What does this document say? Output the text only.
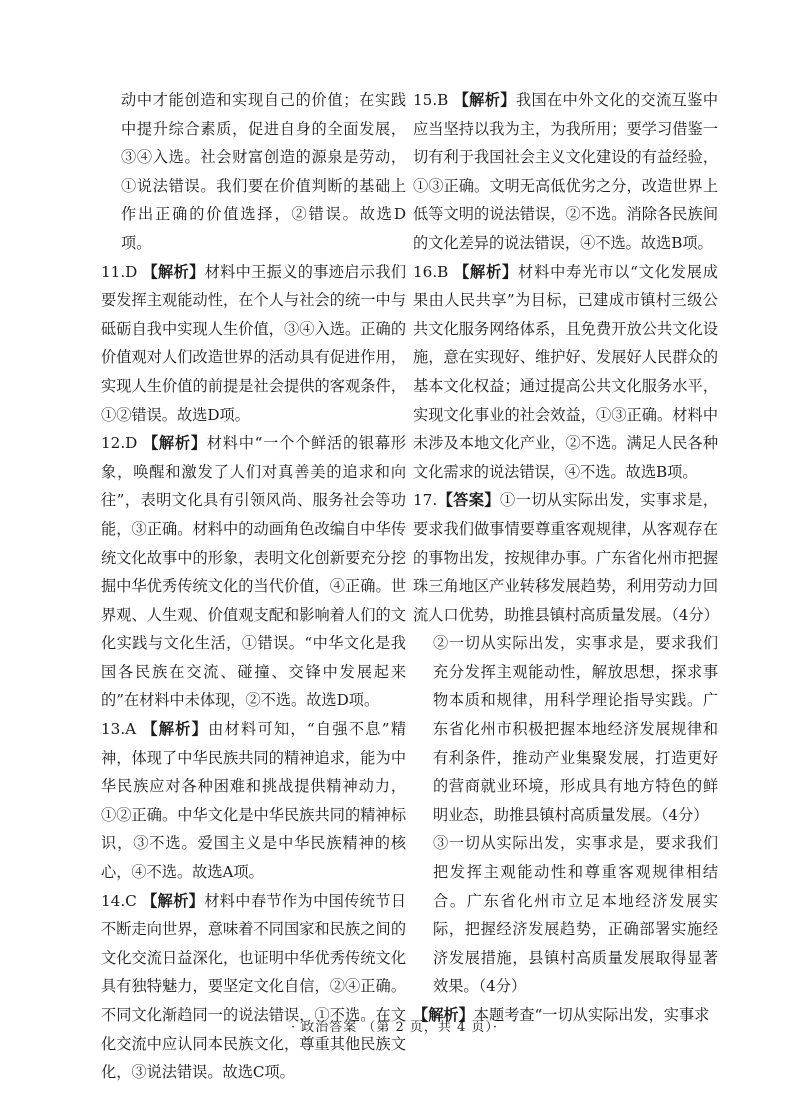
动中才能创造和实现自己的价值；在实践中提升综合素质，促进自身的全面发展，③④入选。社会财富创造的源泉是劳动，①说法错误。我们要在价值判断的基础上作出正确的价值选择，②错误。故选D项。

11.D 【解析】材料中王振义的事迹启示我们要发挥主观能动性，在个人与社会的统一中与砥砺自我中实现人生价值，③④入选。正确的价值观对人们改造世界的活动具有促进作用，实现人生价值的前提是社会提供的客观条件，①②错误。故选D项。

12.D 【解析】材料中“一个个鲜活的银幕形象，唤醒和激发了人们对真善美的追求和向往”，表明文化具有引领风尚、服务社会等功能，③正确。材料中的动画角色改编自中华传统文化故事中的形象，表明文化创新要充分挖掘中华优秀传统文化的当代价值，④正确。世界观、人生观、价值观支配和影响着人们的文化实践与文化生活，①错误。“中华文化是我国各民族在交流、碰撞、交锋中发展起来的”在材料中未体现，②不选。故选D项。

13.A 【解析】由材料可知，“自强不息”精神，体现了中华民族共同的精神追求，能为中华民族应对各种困难和挑战提供精神动力，①②正确。中华文化是中华民族共同的精神标识，③不选。爱国主义是中华民族精神的核心，④不选。故选A项。

14.C 【解析】材料中春节作为中国传统节日不断走向世界，意味着不同国家和民族之间的文化交流日益深化，也证明中华优秀传统文化具有独特魅力，要坚定文化自信，②④正确。不同文化渐趋同一的说法错误，①不选。在文化交流中应认同本民族文化，尊重其他民族文化，③说法错误。故选C项。

15.B 【解析】我国在中外文化的交流互鉴中应当坚持以我为主，为我所用；要学习借鉴一切有利于我国社会主义文化建设的有益经验，①③正确。文明无高低优劣之分，改造世界上低等文明的说法错误，②不选。消除各民族间的文化差异的说法错误，④不选。故选B项。

16.B 【解析】材料中寿光市以“文化发展成果由人民共享”为目标，已建成市镇村三级公共文化服务网络体系，且免费开放公共文化设施，意在实现好、维护好、发展好人民群众的基本文化权益；通过提高公共文化服务水平，实现文化事业的社会效益，①③正确。材料中未涉及本地文化产业，②不选。满足人民各种文化需求的说法错误，④不选。故选B项。

17.【答案】①一切从实际出发，实事求是，要求我们做事情要尊重客观规律，从客观存在的事物出发，按规律办事。广东省化州市把握珠三角地区产业转移发展趋势，利用劳动力回流人口优势，助推县镇村高质量发展。（4分）

②一切从实际出发，实事求是，要求我们充分发挥主观能动性，解放思想，探求事物本质和规律，用科学理论指导实践。广东省化州市积极把握本地经济发展规律和有利条件，推动产业集聚发展，打造更好的营商就业环境，形成具有地方特色的鲜明业态，助推县镇村高质量发展。（4分）

③一切从实际出发，实事求是，要求我们把发挥主观能动性和尊重客观规律相结合。广东省化州市立足本地经济发展实际，把握经济发展趋势，正确部署实施经济发展措施，县镇村高质量发展取得显著效果。（4分）

【解析】本题考查“一切从实际出发，实事求

· 政治答案 （第 2 页，共 4 页）·
